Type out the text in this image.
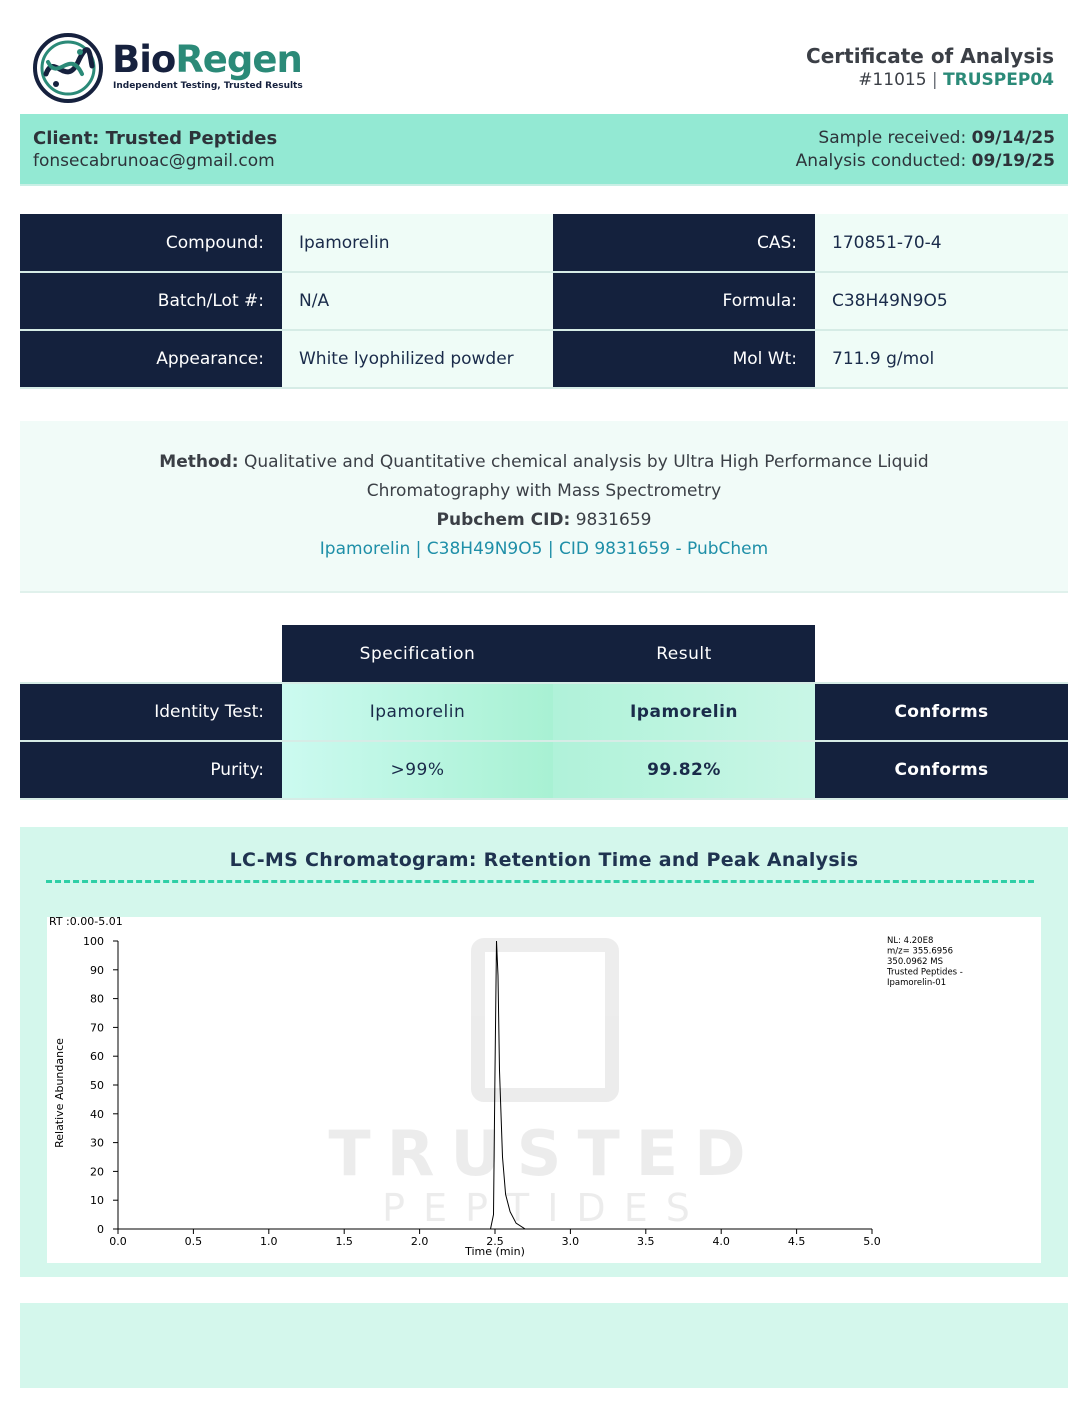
BioRegen
Independent Testing, Trusted Results
Certificate of Analysis
#11015 | TRUSPEP04
Client: Trusted Peptides
fonsecabrunoac@gmail.com
Sample received: 09/14/25
Analysis conducted: 09/19/25
Compound:	Ipamorelin	CAS:	170851-70-4
Batch/Lot #:	N/A	Formula:	C38H49N9O5
Appearance:	White lyophilized powder	Mol Wt:	711.9 g/mol
Method: Qualitative and Quantitative chemical analysis by Ultra High Performance Liquid
Chromatography with Mass Spectrometry
Pubchem CID: 9831659
Ipamorelin | C38H49N9O5 | CID 9831659 - PubChem
	Specification	Result	
Identity Test:	Ipamorelin	Ipamorelin	Conforms
Purity:	>99%	99.82%	Conforms
LC-MS Chromatogram: Retention Time and Peak Analysis
TRUSTED
PEPTIDES
RT :0.00-5.01
NL: 4.20E8
m/z= 355.6956
350.0962 MS
Trusted Peptides -
Ipamorelin-01
0
10
20
30
40
50
60
70
80
90
100
0.0	0.5	1.0	1.5	2.0	2.5	3.0	3.5	4.0	4.5	5.0
Time (min)
Relative Abundance
